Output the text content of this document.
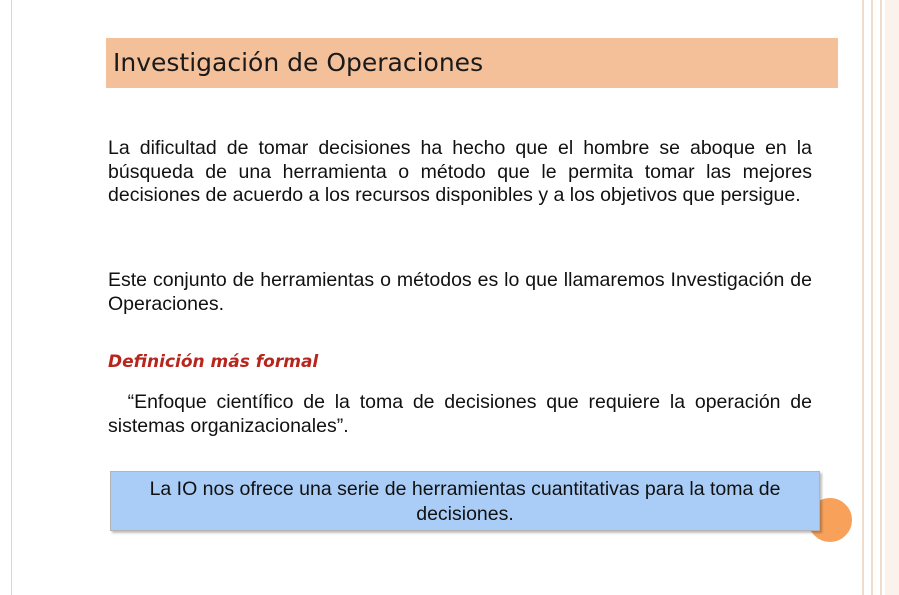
Investigación de Operaciones
La dificultad de tomar decisiones ha hecho que el hombre se aboque en la búsqueda de una herramienta o método que le permita tomar las mejores decisiones de acuerdo a los recursos disponibles y a los objetivos que persigue.
Este conjunto de herramientas o métodos es lo que llamaremos Investigación de Operaciones.
Definición más formal
“Enfoque científico de la toma de decisiones que requiere la operación de sistemas organizacionales”.
La IO nos ofrece una serie de herramientas cuantitativas para la toma de decisiones.
